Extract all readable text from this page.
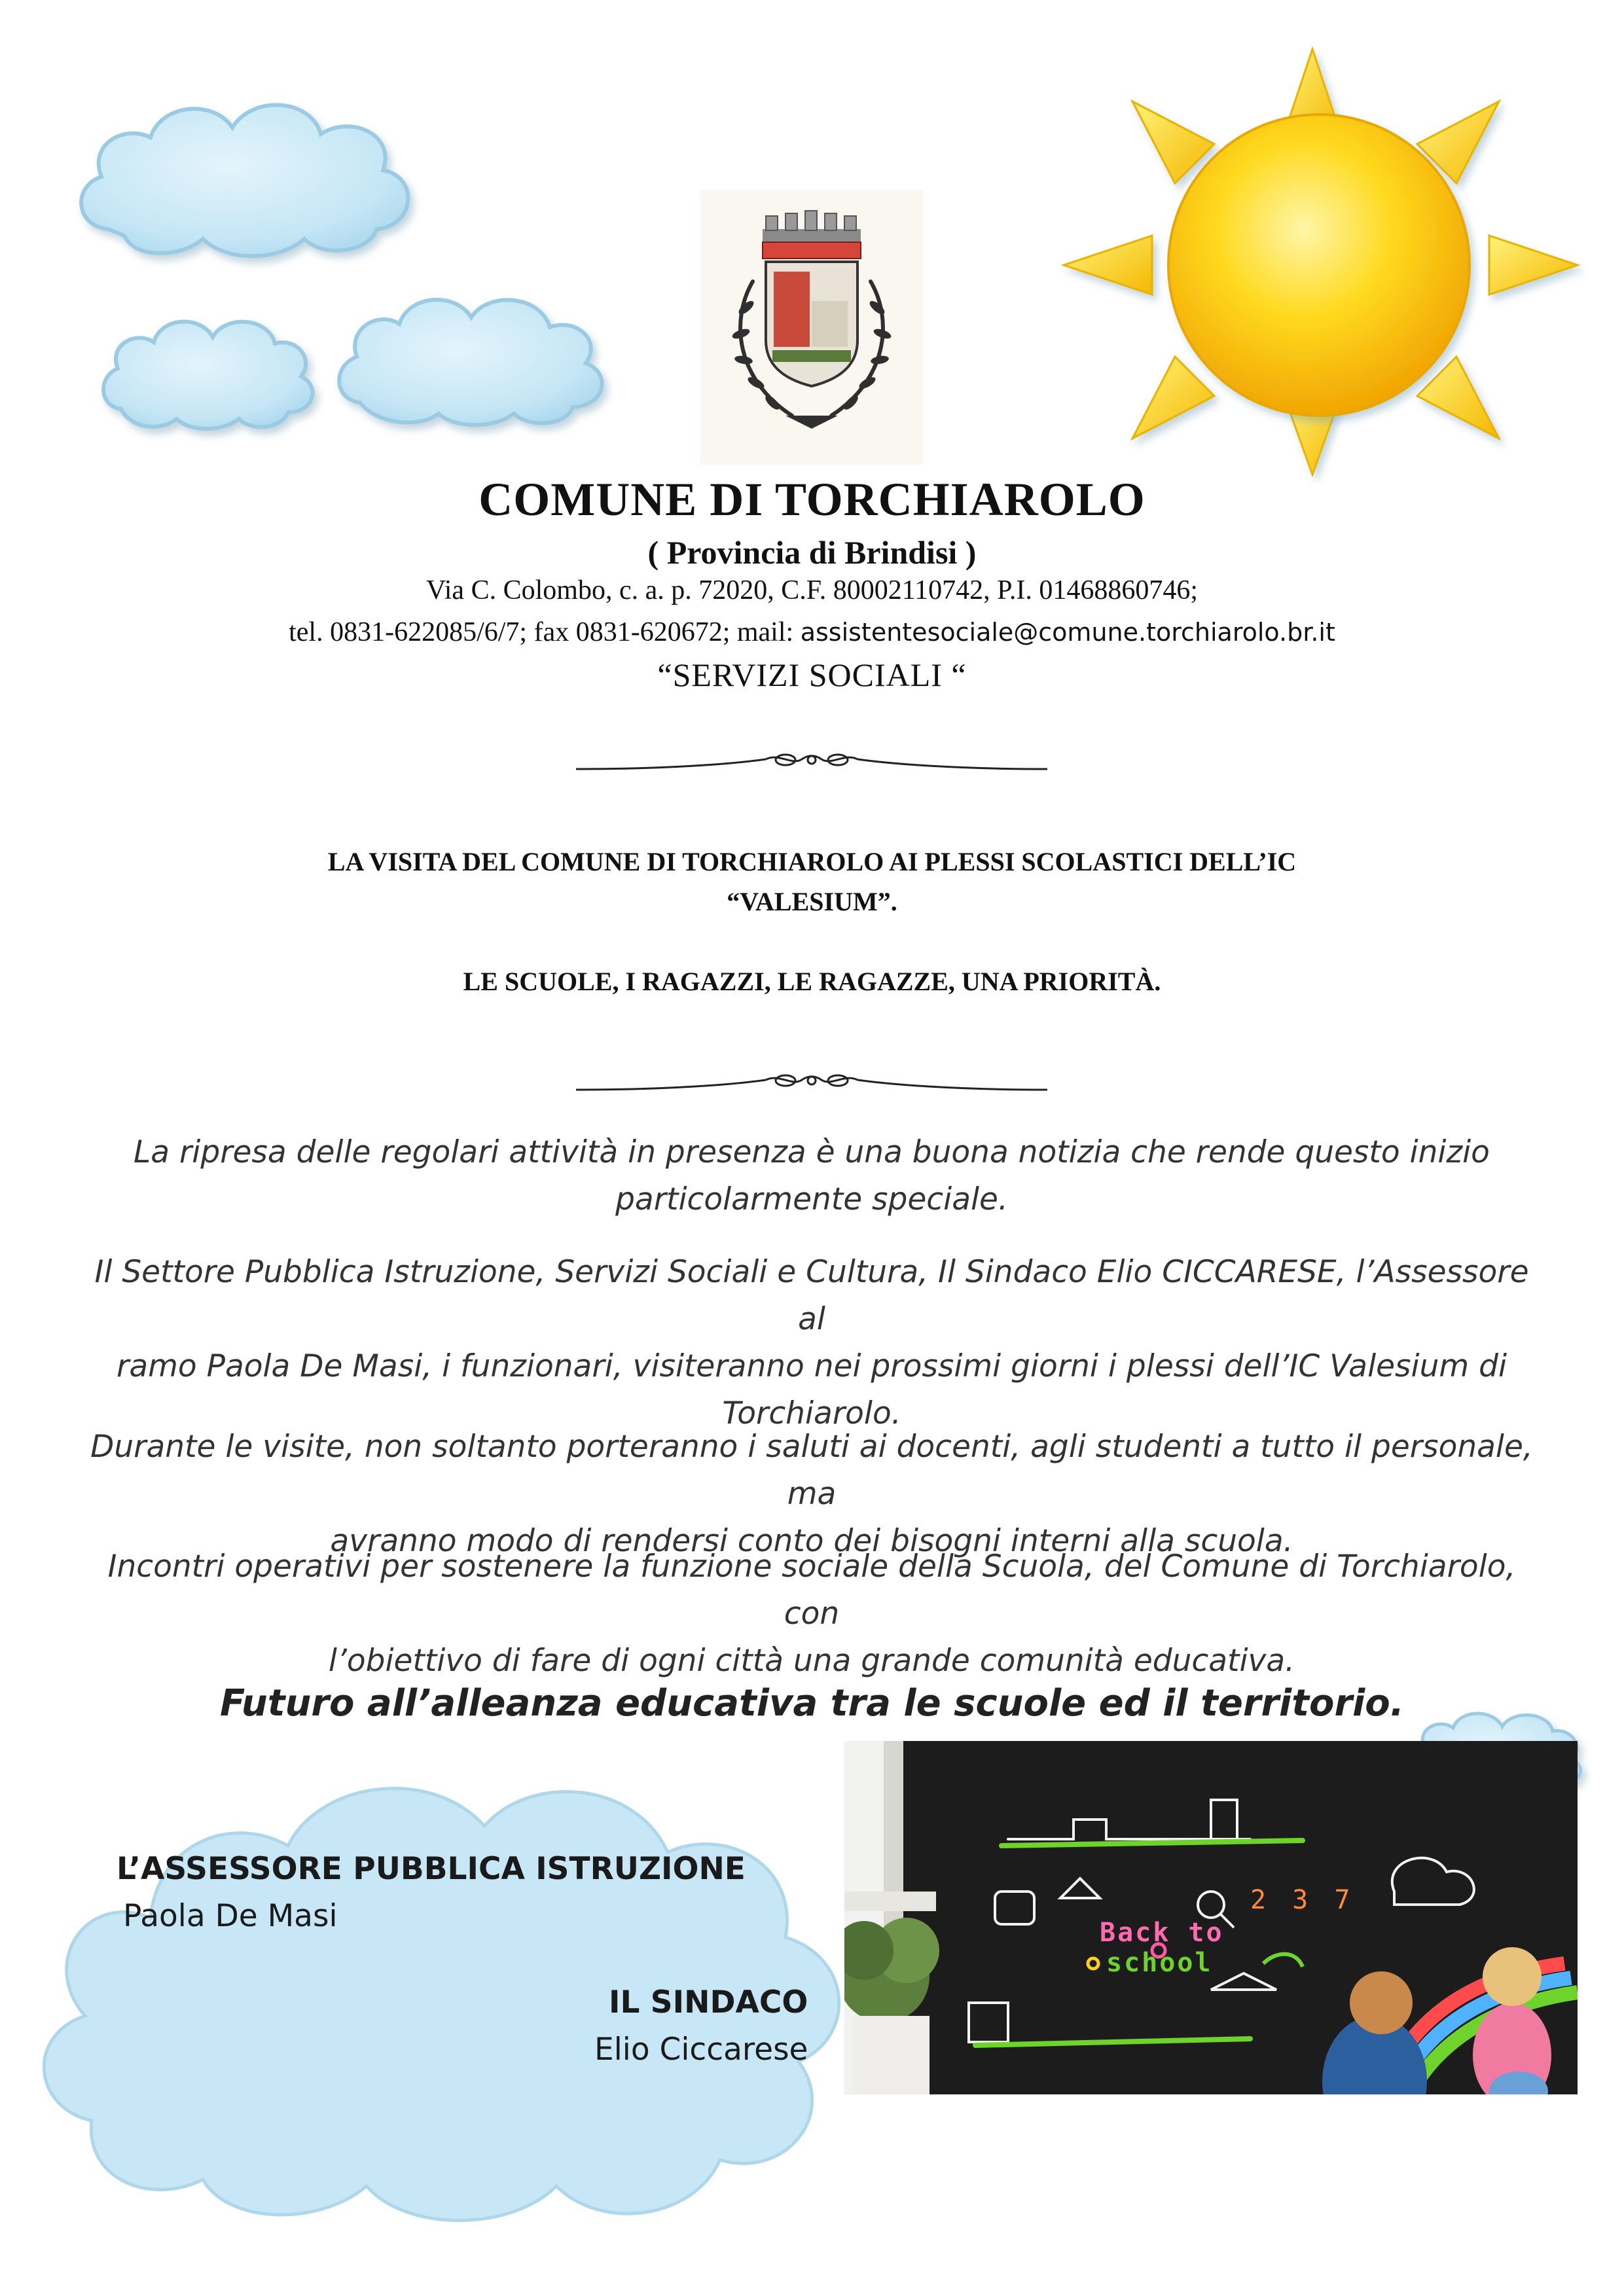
COMUNE DI TORCHIAROLO
( Provincia di Brindisi )
Via C. Colombo, c. a. p. 72020, C.F. 80002110742, P.I. 01468860746;
tel. 0831-622085/6/7; fax 0831-620672; mail: assistentesociale@comune.torchiarolo.br.it
“SERVIZI SOCIALI “
LA VISITA DEL COMUNE DI TORCHIAROLO AI PLESSI SCOLASTICI DELL’IC
“VALESIUM”.
LE SCUOLE, I RAGAZZI, LE RAGAZZE, UNA PRIORITÀ.
La ripresa delle regolari attività in presenza è una buona notizia che rende questo inizio
particolarmente speciale.
Il Settore Pubblica Istruzione, Servizi Sociali e Cultura, Il Sindaco Elio CICCARESE, l’Assessore al
ramo Paola De Masi, i funzionari, visiteranno nei prossimi giorni i plessi dell’IC Valesium di
Torchiarolo.
Durante le visite, non soltanto porteranno i saluti ai docenti, agli studenti a tutto il personale, ma
avranno modo di rendersi conto dei bisogni interni alla scuola.
Incontri operativi per sostenere la funzione sociale della Scuola, del Comune di Torchiarolo, con
l’obiettivo di fare di ogni città una grande comunità educativa.
Futuro all’alleanza educativa tra le scuole ed il territorio.
L’ASSESSORE PUBBLICA ISTRUZIONE
Paola De Masi
IL SINDACO
Elio Ciccarese
Back to
school
2 3 7
